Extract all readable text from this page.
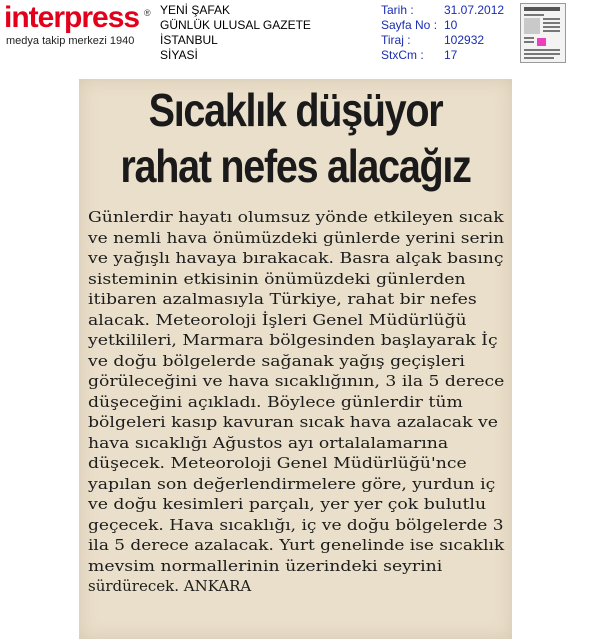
interpress ®
medya takip merkezi 1940
YENİ ŞAFAK
GÜNLÜK ULUSAL GAZETE
İSTANBUL
SİYASİ
Tarih :	31.07.2012
Sayfa No : 10
Tiraj :	102932
StxCm :	17
Sıcaklık düşüyor
rahat nefes alacağız
Günlerdir hayatı olumsuz yönde etkileyen sıcak
ve nemli hava önümüzdeki günlerde yerini serin
ve yağışlı havaya bırakacak. Basra alçak basınç
sisteminin etkisinin önümüzdeki günlerden
itibaren azalmasıyla Türkiye, rahat bir nefes
alacak. Meteoroloji İşleri Genel Müdürlüğü
yetkilileri, Marmara bölgesinden başlayarak İç
ve doğu bölgelerde sağanak yağış geçişleri
görüleceğini ve hava sıcaklığının, 3 ila 5 derece
düşeceğini açıkladı. Böylece günlerdir tüm
bölgeleri kasıp kavuran sıcak hava azalacak ve
hava sıcaklığı Ağustos ayı ortalalamarına
düşecek. Meteoroloji Genel Müdürlüğü'nce
yapılan son değerlendirmelere göre, yurdun iç
ve doğu kesimleri parçalı, yer yer çok bulutlu
geçecek. Hava sıcaklığı, iç ve doğu bölgelerde 3
ila 5 derece azalacak. Yurt genelinde ise sıcaklık
mevsim normallerinin üzerindeki seyrini
sürdürecek. ANKARA
